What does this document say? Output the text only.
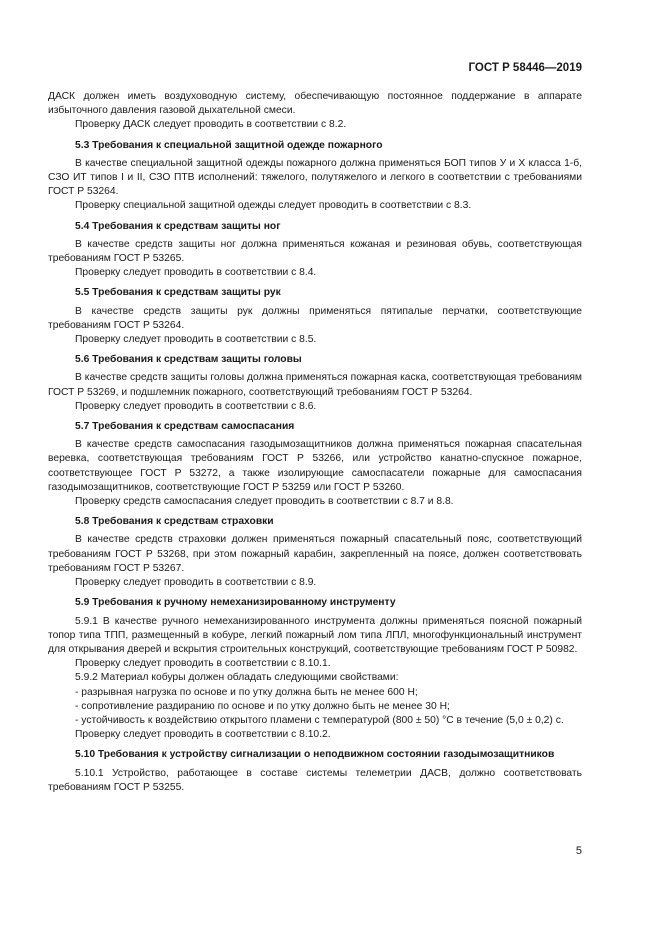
ГОСТ Р 58446—2019
ДАСК должен иметь воздуховодную систему, обеспечивающую постоянное поддержание в аппарате избыточного давления газовой дыхательной смеси.
Проверку ДАСК следует проводить в соответствии с 8.2.
5.3 Требования к специальной защитной одежде пожарного
В качестве специальной защитной одежды пожарного должна применяться БОП типов У и Х класса 1-б, СЗО ИТ типов I и II, СЗО ПТВ исполнений: тяжелого, полутяжелого и легкого в соответствии с требованиями ГОСТ Р 53264.
Проверку специальной защитной одежды следует проводить в соответствии с 8.3.
5.4 Требования к средствам защиты ног
В качестве средств защиты ног должна применяться кожаная и резиновая обувь, соответствующая требованиям ГОСТ Р 53265.
Проверку следует проводить в соответствии с 8.4.
5.5 Требования к средствам защиты рук
В качестве средств защиты рук должны применяться пятипалые перчатки, соответствующие требованиям ГОСТ Р 53264.
Проверку следует проводить в соответствии с 8.5.
5.6 Требования к средствам защиты головы
В качестве средств защиты головы должна применяться пожарная каска, соответствующая требованиям ГОСТ Р 53269, и подшлемник пожарного, соответствующий требованиям ГОСТ Р 53264.
Проверку следует проводить в соответствии с 8.6.
5.7 Требования к средствам самоспасания
В качестве средств самоспасания газодымозащитников должна применяться пожарная спасательная веревка, соответствующая требованиям ГОСТ Р 53266, или устройство канатно-спускное пожарное, соответствующее ГОСТ Р 53272, а также изолирующие самоспасатели пожарные для самоспасания газодымозащитников, соответствующие ГОСТ Р 53259 или ГОСТ Р 53260.
Проверку средств самоспасания следует проводить в соответствии с 8.7 и 8.8.
5.8 Требования к средствам страховки
В качестве средств страховки должен применяться пожарный спасательный пояс, соответствующий требованиям ГОСТ Р 53268, при этом пожарный карабин, закрепленный на поясе, должен соответствовать требованиям ГОСТ Р 53267.
Проверку следует проводить в соответствии с 8.9.
5.9 Требования к ручному немеханизированному инструменту
5.9.1 В качестве ручного немеханизированного инструмента должны применяться поясной пожарный топор типа ТПП, размещенный в кобуре, легкий пожарный лом типа ЛПЛ, многофункциональный инструмент для открывания дверей и вскрытия строительных конструкций, соответствующие требованиям ГОСТ Р 50982.
Проверку следует проводить в соответствии с 8.10.1.
5.9.2 Материал кобуры должен обладать следующими свойствами:
- разрывная нагрузка по основе и по утку должна быть не менее 600 Н;
- сопротивление раздиранию по основе и по утку должно быть не менее 30 Н;
- устойчивость к воздействию открытого пламени с температурой (800 ± 50) °С в течение (5,0 ± 0,2) с.
Проверку следует проводить в соответствии с 8.10.2.
5.10 Требования к устройству сигнализации о неподвижном состоянии газодымозащитников
5.10.1 Устройство, работающее в составе системы телеметрии ДАСВ, должно соответствовать требованиям ГОСТ Р 53255.
5
